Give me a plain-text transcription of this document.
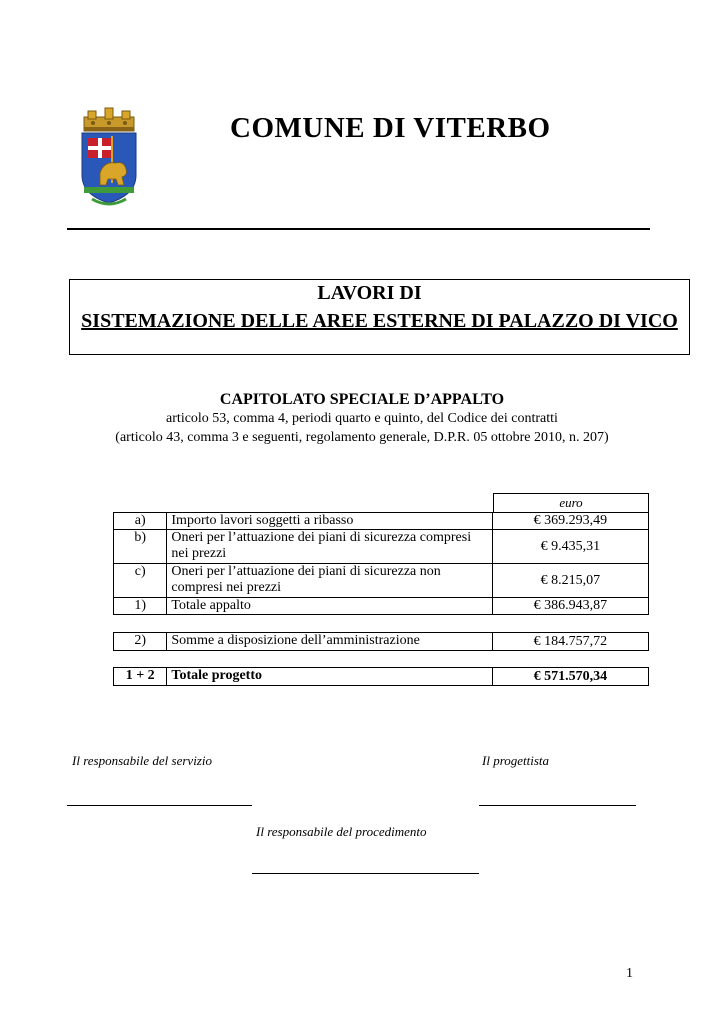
COMUNE DI VITERBO
LAVORI DI
SISTEMAZIONE DELLE AREE ESTERNE DI PALAZZO DI VICO
CAPITOLATO SPECIALE D’APPALTO
articolo 53, comma 4, periodi quarto e quinto, del Codice dei contratti
(articolo 43, comma 3 e seguenti, regolamento generale, D.P.R. 05 ottobre 2010, n. 207)
euro
a)	Importo lavori soggetti a ribasso	€ 369.293,49
b)	Oneri per l’attuazione dei piani di sicurezza compresi nei prezzi	€ 9.435,31
c)	Oneri per l’attuazione dei piani di sicurezza non compresi nei prezzi	€ 8.215,07
1)	Totale appalto	€ 386.943,87
2)	Somme a disposizione dell’amministrazione	€ 184.757,72
1 + 2	Totale progetto	€ 571.570,34
Il responsabile del servizio	Il progettista
Il responsabile del procedimento
1
